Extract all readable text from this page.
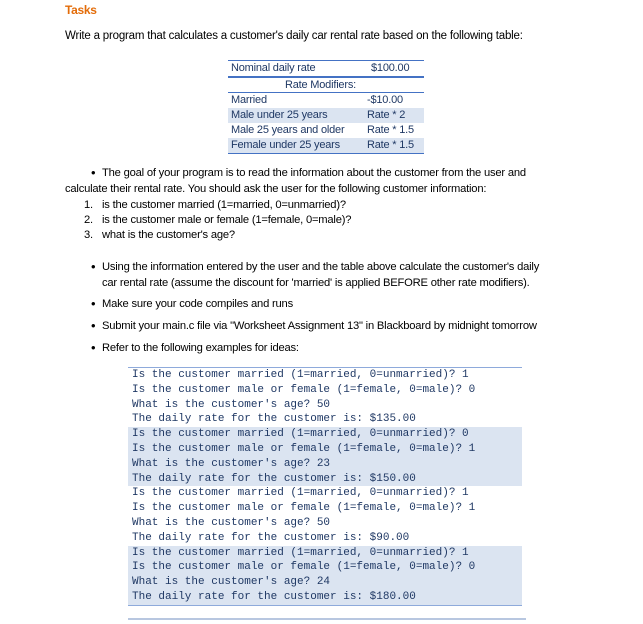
Tasks
Write a program that calculates a customer's daily car rental rate based on the following table:
Nominal daily rate	$100.00
Rate Modifiers:
Married	-$10.00
Male under 25 years	Rate * 2
Male 25 years and older	Rate * 1.5
Female under 25 years	Rate * 1.5
The goal of your program is to read the information about the customer from the user and
calculate their rental rate. You should ask the user for the following customer information:
1. is the customer married (1=married, 0=unmarried)?
2. is the customer male or female (1=female, 0=male)?
3. what is the customer's age?
Using the information entered by the user and the table above calculate the customer's daily
car rental rate (assume the discount for 'married' is applied BEFORE other rate modifiers).
Make sure your code compiles and runs
Submit your main.c file via "Worksheet Assignment 13" in Blackboard by midnight tomorrow
Refer to the following examples for ideas:
Is the customer married (1=married, 0=unmarried)? 1
Is the customer male or female (1=female, 0=male)? 0
What is the customer's age? 50
The daily rate for the customer is: $135.00
Is the customer married (1=married, 0=unmarried)? 0
Is the customer male or female (1=female, 0=male)? 1
What is the customer's age? 23
The daily rate for the customer is: $150.00
Is the customer married (1=married, 0=unmarried)? 1
Is the customer male or female (1=female, 0=male)? 1
What is the customer's age? 50
The daily rate for the customer is: $90.00
Is the customer married (1=married, 0=unmarried)? 1
Is the customer male or female (1=female, 0=male)? 0
What is the customer's age? 24
The daily rate for the customer is: $180.00
